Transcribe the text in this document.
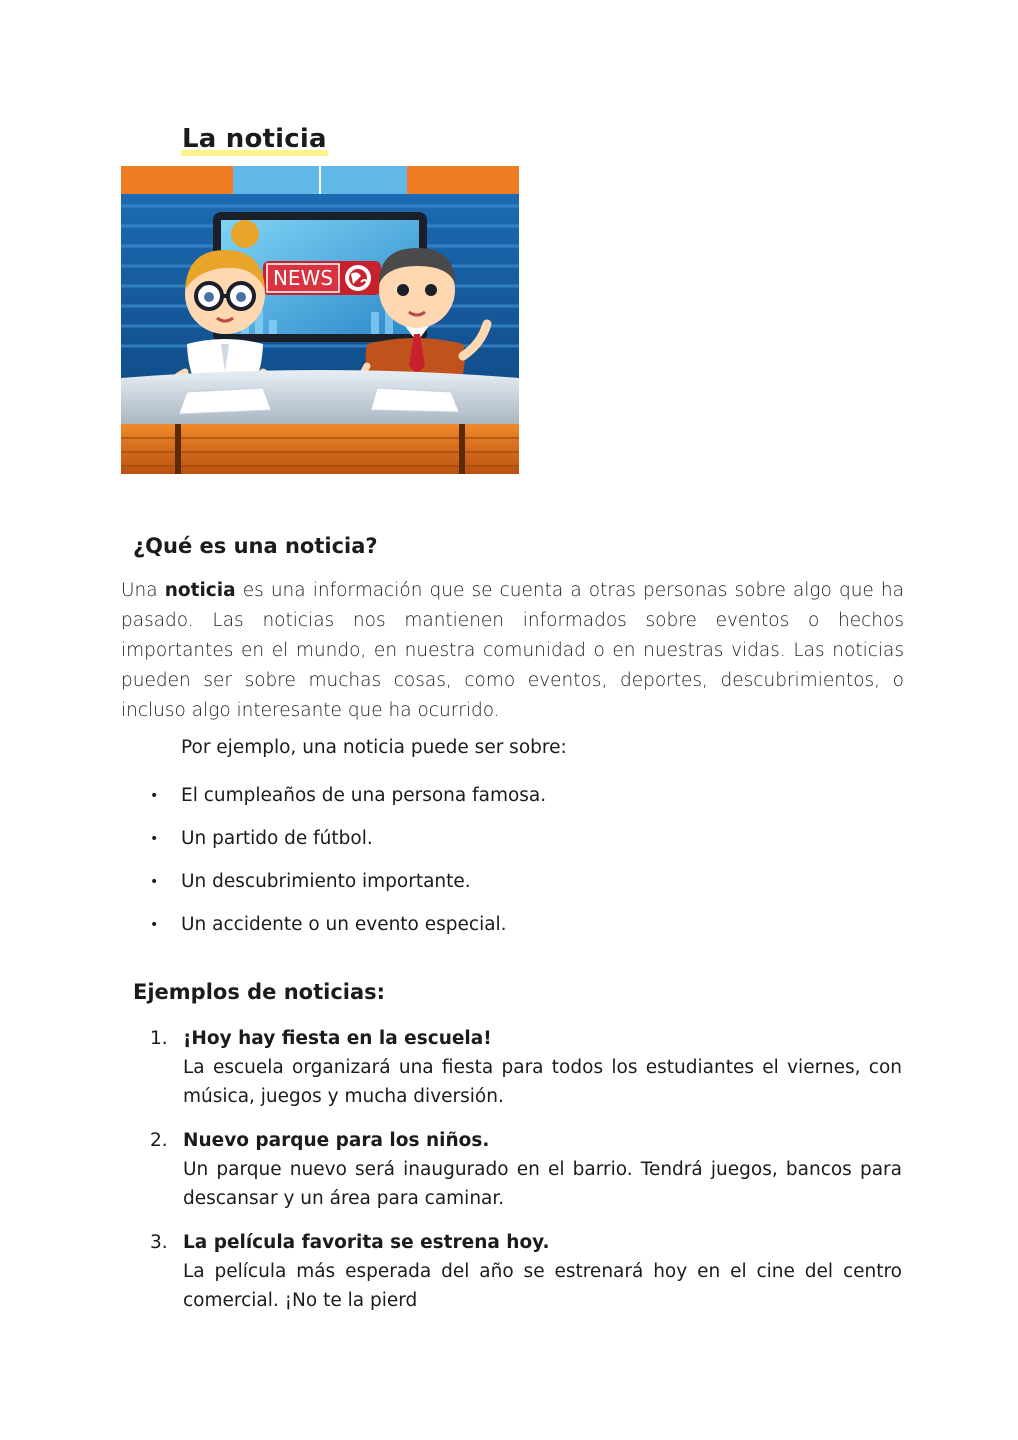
La noticia
NEWS
¿Qué es una noticia?

Una noticia es una información que se cuenta a otras personas sobre algo que ha pasado. Las noticias nos mantienen informados sobre eventos o hechos importantes en el mundo, en nuestra comunidad o en nuestras vidas. Las noticias pueden ser sobre muchas cosas, como eventos, deportes, descubrimientos, o incluso algo interesante que ha ocurrido.

Por ejemplo, una noticia puede ser sobre:

• El cumpleaños de una persona famosa.
• Un partido de fútbol.
• Un descubrimiento importante.
• Un accidente o un evento especial.
Ejemplos de noticias:
1. ¡Hoy hay fiesta en la escuela!
La escuela organizará una fiesta para todos los estudiantes el viernes, con música, juegos y mucha diversión.
2. Nuevo parque para los niños.
Un parque nuevo será inaugurado en el barrio. Tendrá juegos, bancos para descansar y un área para caminar.
3. La película favorita se estrena hoy.
La película más esperada del año se estrenará hoy en el cine del centro comercial. ¡No te la pierd
